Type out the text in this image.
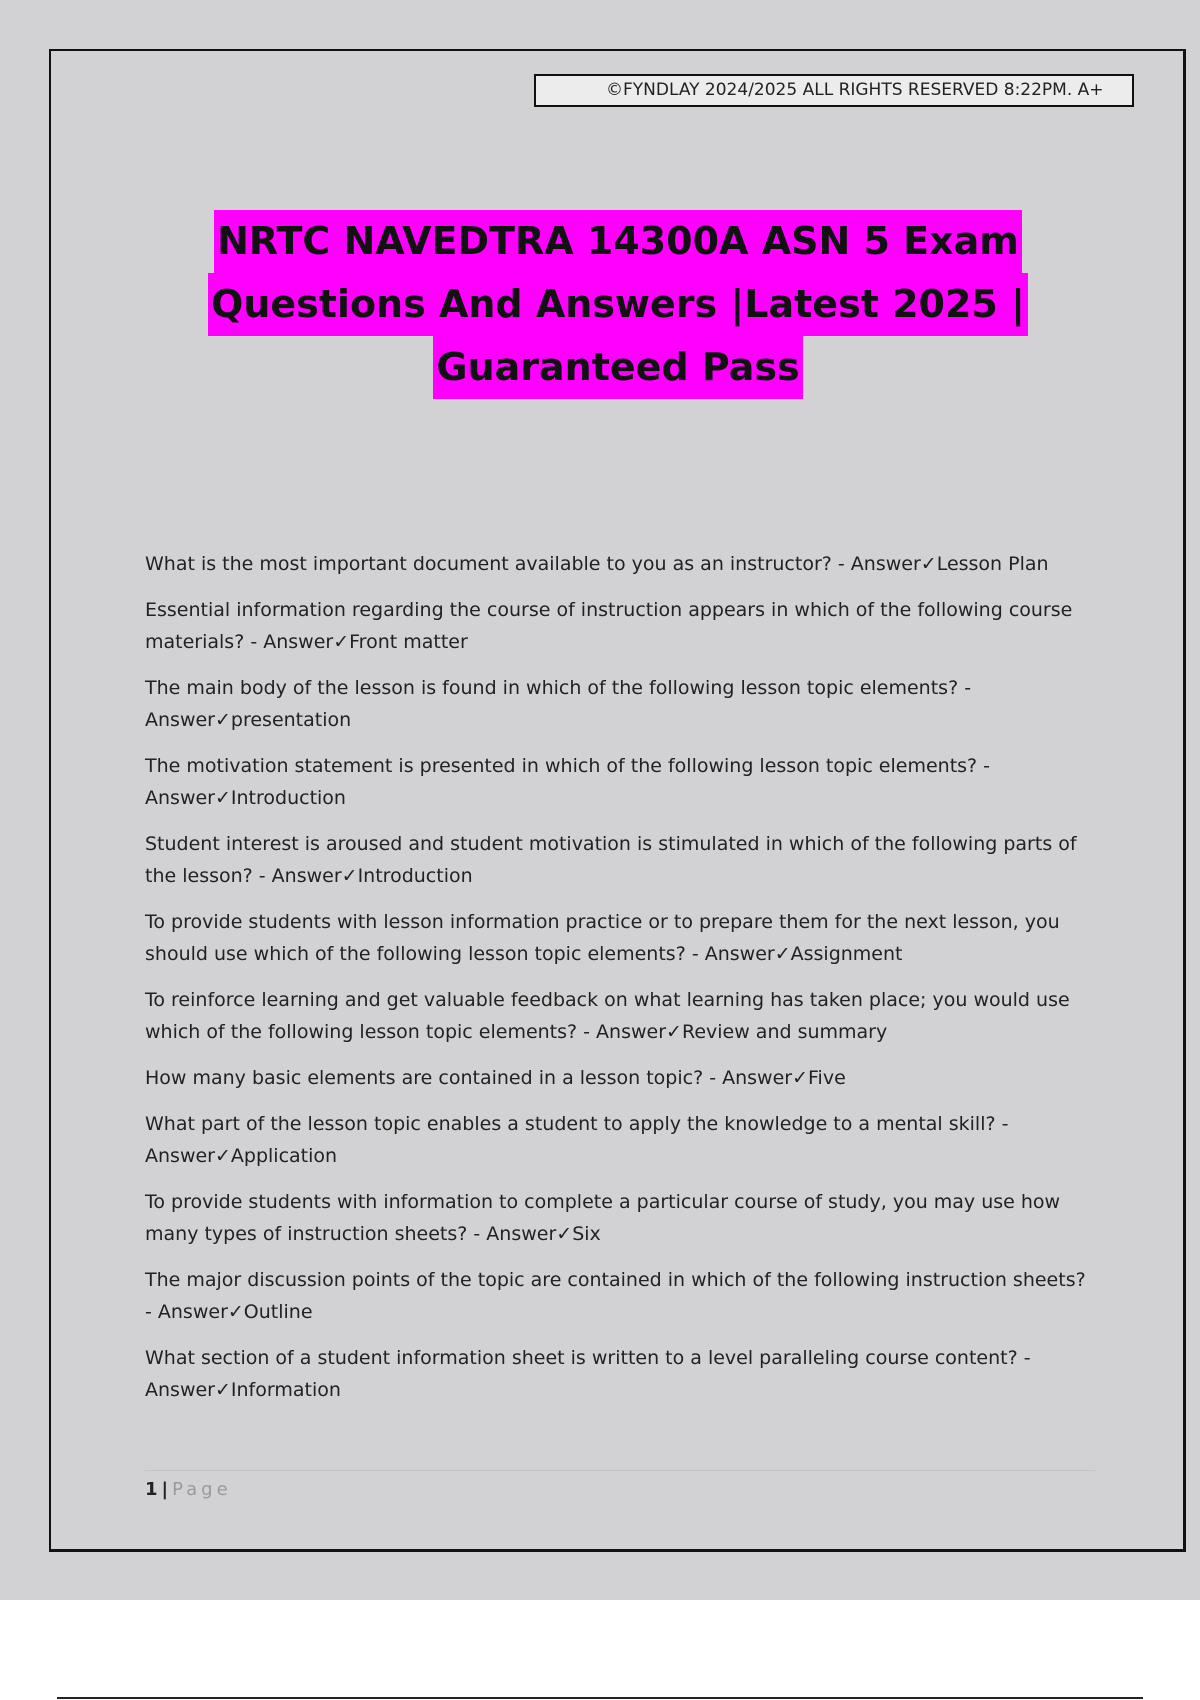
©FYNDLAY 2024/2025 ALL RIGHTS RESERVED 8:22PM. A+
NRTC NAVEDTRA 14300A ASN 5 Exam
Questions And Answers |Latest 2025 |
Guaranteed Pass

What is the most important document available to you as an instructor? - Answer✓Lesson Plan

Essential information regarding the course of instruction appears in which of the following course materials? - Answer✓Front matter

The main body of the lesson is found in which of the following lesson topic elements? - Answer✓presentation

The motivation statement is presented in which of the following lesson topic elements? - Answer✓Introduction

Student interest is aroused and student motivation is stimulated in which of the following parts of the lesson? - Answer✓Introduction

To provide students with lesson information practice or to prepare them for the next lesson, you should use which of the following lesson topic elements? - Answer✓Assignment

To reinforce learning and get valuable feedback on what learning has taken place; you would use which of the following lesson topic elements? - Answer✓Review and summary

How many basic elements are contained in a lesson topic? - Answer✓Five

What part of the lesson topic enables a student to apply the knowledge to a mental skill? - Answer✓Application

To provide students with information to complete a particular course of study, you may use how many types of instruction sheets? - Answer✓Six

The major discussion points of the topic are contained in which of the following instruction sheets? - Answer✓Outline

What section of a student information sheet is written to a level paralleling course content? - Answer✓Information

1 | Page
